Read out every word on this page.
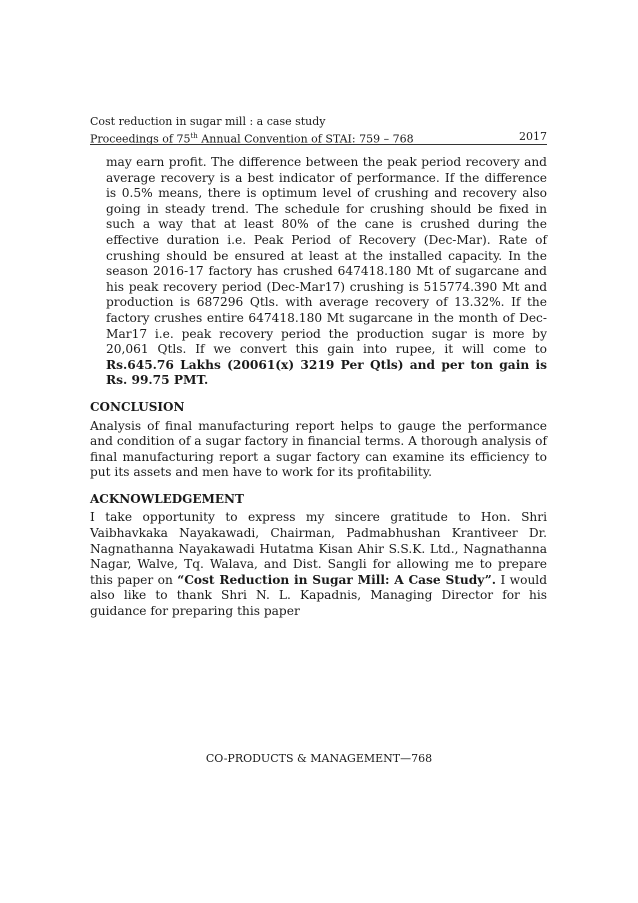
Cost reduction in sugar mill : a case study
Proceedings of 75th Annual Convention of STAI: 759 – 768	2017

may earn profit. The difference between the peak period recovery and average recovery is a best indicator of performance. If the difference is 0.5% means, there is optimum level of crushing and recovery also going in steady trend. The schedule for crushing should be fixed in such a way that at least 80% of the cane is crushed during the effective duration i.e. Peak Period of Recovery (Dec-Mar). Rate of crushing should be ensured at least at the installed capacity. In the season 2016-17 factory has crushed 647418.180 Mt of sugarcane and his peak recovery period (Dec-Mar17) crushing is 515774.390 Mt and production is 687296 Qtls. with average recovery of 13.32%. If the factory crushes entire 647418.180 Mt sugarcane in the month of Dec-Mar17 i.e. peak recovery period the production sugar is more by 20,061 Qtls. If we convert this gain into rupee, it will come to Rs.645.76 Lakhs (20061(x) 3219 Per Qtls) and per ton gain is Rs. 99.75 PMT.

CONCLUSION

Analysis of final manufacturing report helps to gauge the performance and condition of a sugar factory in financial terms. A thorough analysis of final manufacturing report a sugar factory can examine its efficiency to put its assets and men have to work for its profitability.

ACKNOWLEDGEMENT

I take opportunity to express my sincere gratitude to Hon. Shri Vaibhavkaka Nayakawadi, Chairman, Padmabhushan Krantiveer Dr. Nagnathanna Nayakawadi Hutatma Kisan Ahir S.S.K. Ltd., Nagnathanna Nagar, Walve, Tq. Walava, and Dist. Sangli for allowing me to prepare this paper on “Cost Reduction in Sugar Mill: A Case Study”. I would also like to thank Shri N. L. Kapadnis, Managing Director for his guidance for preparing this paper

CO-PRODUCTS & MANAGEMENT—768
